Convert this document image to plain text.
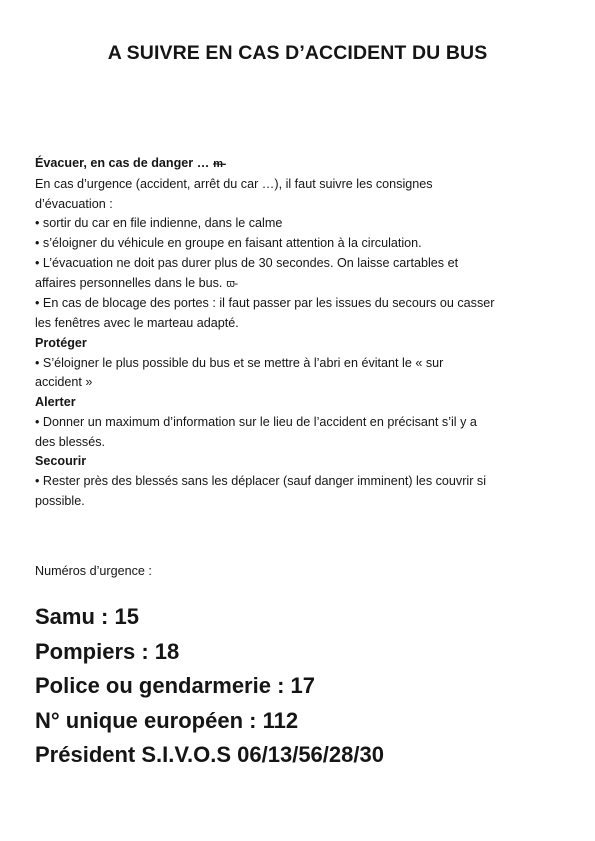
A SUIVRE EN CAS D’ACCIDENT DU BUS

Évacuer, en cas de danger … ᵯ-

En cas d’urgence (accident, arrêt du car …), il faut suivre les consignes

d’évacuation :

• sortir du car en file indienne, dans le calme

• s’éloigner du véhicule en groupe en faisant attention à la circulation.

• L’évacuation ne doit pas durer plus de 30 secondes. On laisse cartables et

affaires personnelles dans le bus. ϖ-

• En cas de blocage des portes : il faut passer par les issues du secours ou casser

les fenêtres avec le marteau adapté.

Protéger

• S’éloigner le plus possible du bus et se mettre à l’abri en évitant le « sur

accident »

Alerter

• Donner un maximum d’information sur le lieu de l’accident en précisant s’il y a

des blessés.

Secourir

• Rester près des blessés sans les déplacer (sauf danger imminent) les couvrir si

possible.

Numéros d’urgence :

Samu : 15
Pompiers : 18
Police ou gendarmerie : 17
N° unique européen : 112
Président S.I.V.O.S 06/13/56/28/30
